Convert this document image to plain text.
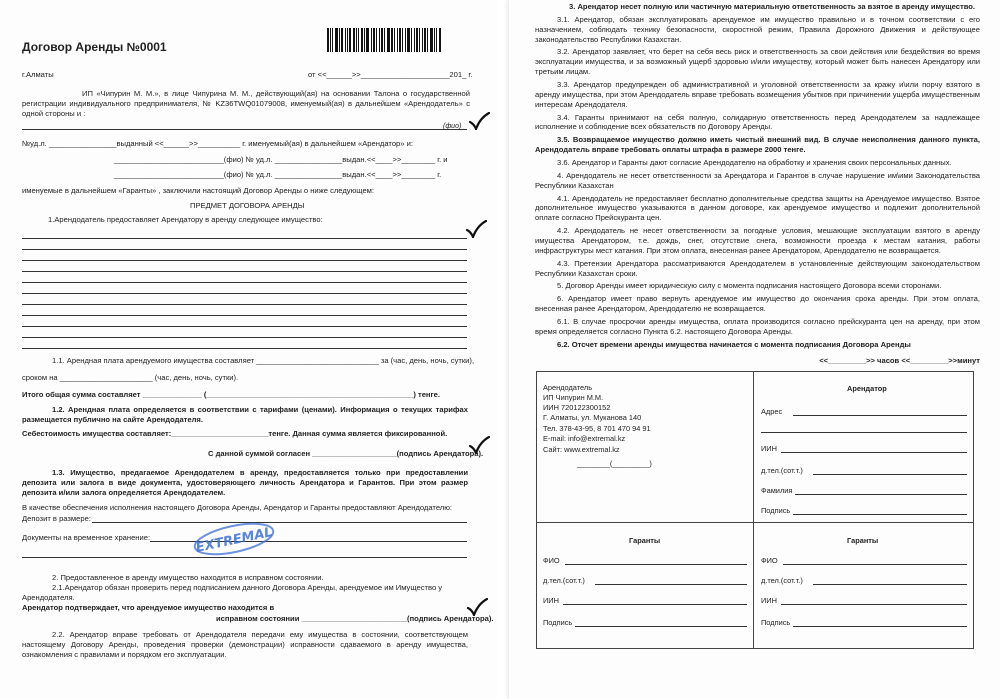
Договор Аренды №0001
г.Алматы	от <<______>>_____________________201_ г.
ИП «Чипурин М. М.», в лице Чипурина М. М., действующий(ая) на основании Талона о государственной регистрации индивидуального предпринимателя, № KZ36TWQ01079008, именуемый(ая) в дальнейшем «Арендодатель» с одной стороны и :
(фио)
№уд.л. ________________выданный <<______>>__________ г. именуемый(ая) в дальнейшем «Арендатор» и:
__________________________(фио) № уд.л. ________________выдан.<<____>>________ г. и
__________________________(фио) № уд.л. ________________выдан.<<____>>________ г.
именуемые в дальнейшем «Гаранты» , заключили настоящий Договор Аренды о ниже следующем:
ПРЕДМЕТ ДОГОВОРА АРЕНДЫ
1.Арендодатель предоставляет Арендатору в аренду следующее имущество:
1.1. Арендная плата арендуемого имущества составляет _____________________________ за (час, день, ночь, сутки),
сроком на ______________________ (час, день, ночь, сутки).
Итого общая сумма составляет ______________ (_________________________________________________) тенге.
1.2. Арендная плата определяется в соответствии с тарифами (ценами). Информация о текущих тарифах размещается публично на сайте Арендодателя.
Себестоимость имущества составляет:_______________________тенге. Данная сумма является фиксированной.
С данной суммой согласен ____________________(подпись Арендатора).
1.3. Имущество, предагаемое Арендодателем в аренду, предоставляется только при предоставлении депозита или залога в виде документа, удостоверяющего личность Арендатора и Гарантов. При этом размер депозита и/или залога определяется Арендодателем.
В качестве обеспечения исполнения настоящего Договора Аренды, Арендатор и Гаранты предоставляют Арендодателю:
Депозит в размере:
Документы на временное хранение:	EXTREMAL
2. Предоставленное в аренду имущество находится в исправном состоянии.
2.1.Арендатор обязан проверить перед подписанием данного Договора Аренды, арендуемое им Имущество у Арендодателя.
Арендатор подтверждает, что арендуемое имущество находится в
исправном состоянии _________________________(подпись Арендатора).
2.2. Арендатор вправе требовать от Арендодателя передачи ему имущества в состоянии, соответствующем настоящему Договору Аренды, проведения проверки (демонстрации) исправности сдаваемого в аренду имущества, ознакомления с правилами и порядком его эксплуатации.

3. Арендатор несет полную или частичную материальную ответственность за взятое в аренду имущество.

3.1. Арендатор, обязан эксплуатировать арендуемое им имущество правильно и в точном соответствии с его назначением, соблюдать технику безопасности, скоростной режим, Правила Дорожного Движения и действующее законодательство Республики Казахстан.

3.2. Арендатор заявляет, что берет на себя весь риск и ответственность за свои действия или бездействия во время эксплуатации имущества, и за возможный ущерб здоровью и/или имуществу, который может быть нанесен Арендатору или третьим лицам.

3.3. Арендатор предупрежден об административной и уголовной ответственности за кражу и\или порчу взятого в аренду имущества, при этом Арендодатель вправе требовать возмещения убытков при причинении ущерба имущественным интересам Арендодателя.

3.4. Гаранты принимают на себя полную, солидарную ответственность перед Арендодателем за надлежащее исполнение и соблюдение всех обязательств по Договору Аренды.

3.5. Возвращаемое имущество должно иметь чистый внешний вид. В случае неисполнения данного пункта, Арендодатель вправе требовать оплаты штрафа в размере 2000 тенге.

3.6. Арендатор и Гаранты дают согласие Арендодателю на обработку и хранения своих персональных данных.

4. Арендодатель не несет ответственности за Арендатора и Гарантов в случае нарушение им\ими Законодательства Республики Казахстан

4.1. Арендодатель не предоставляет бесплатно дополнительные средства защиты на Арендуемое имущество. Взятое дополнительное имущество указываются в данном договоре, как арендуемое имущество и подлежит дополнительной оплате согласно Прейскуранта цен.

4.2. Арендодатель не несет ответственности за погодные условия, мешающие эксплуатации взятого в аренду имущества Арендатором, т.е. дождь, снег, отсутствие снега, возможности проезда к местам катания, работы инфраструктуры мест катания. При этом оплата, внесенная ранее Арендатором, Арендодателю не возвращается.

4.3. Претензии Арендатора рассматриваются Арендодателем в установленные действующим законодательством Республики Казахстан сроки.

5. Договор Аренды имеет юридическую силу с момента подписания настоящего Договора всеми сторонами.

6. Арендатор имеет право вернуть арендуемое им имущество до окончания срока аренды. При этом оплата, внесенная ранее Арендатором, Арендодателю не возвращается.

6.1. В случае просрочки аренды имущества, оплата производится согласно прейскуранта цен на аренду, при этом время определяется согласно Пункта 6.2. настоящего Договора Аренды.

6.2. Отсчет времени аренды имущества начинается с момента подписания Договора Аренды

<<_________>> часов <<_________>>минут

Арендодатель
ИП Чипурин М.М.
ИИН 720122300152
Г. Алматы, ул. Муканова 140
Тел. 378-43-95, 8 701 470 94 91
E-mail: info@extremal.kz
Сайт: www.extremal.kz
________(_________)
Арендатор
Адрес
ИИН
д.тел.(сот.т.)
Фамилия
Подпись
Гаранты
ФИО
д.тел.(сот.т.)
ИИН
Подпись
Гаранты
ФИО
д.тел.(сот.т.)
ИИН
Подпись
